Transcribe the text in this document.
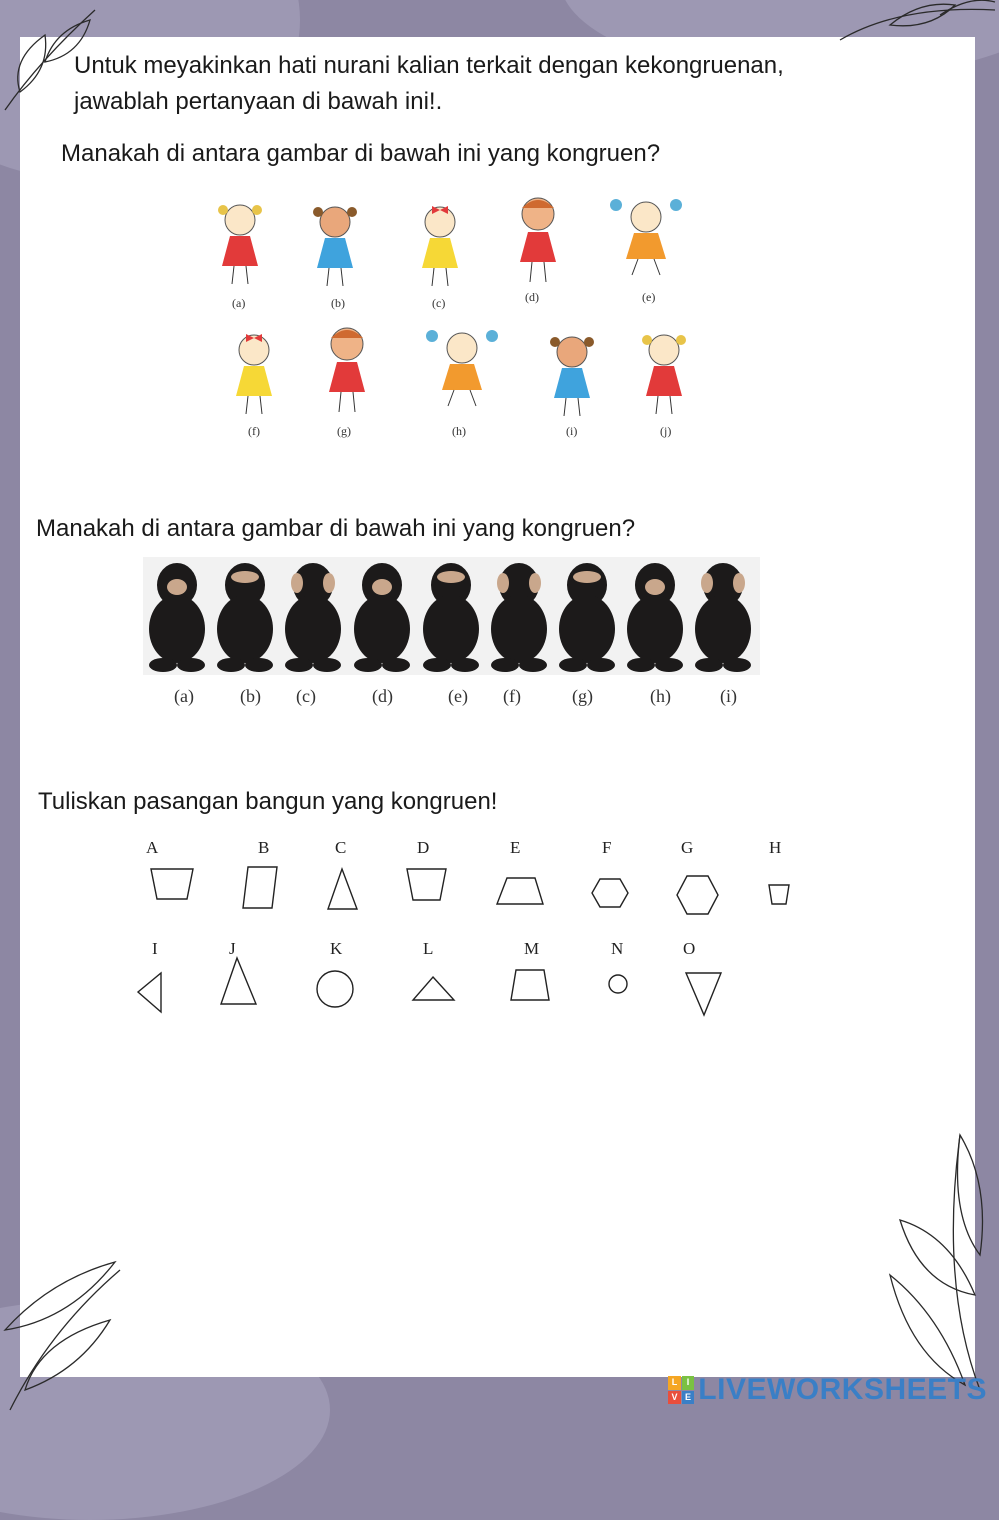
Untuk meyakinkan hati nurani kalian terkait dengan kekongruenan,
jawablah pertanyaan di bawah ini!.
Manakah di antara gambar di bawah ini yang kongruen?
(a)	(b)	(c)	(d)	(e)
(f)	(g)	(h)	(i)	(j)
Manakah di antara gambar di bawah ini yang kongruen?
(a)	(b) (c)	(d)	(e) (f)	(g)	(h)	(i)
Tuliskan pasangan bangun yang kongruen!
A	B	C	D	E	F	G	H
I	J	K	L	M	N	O
L	I
V E LIVEWORKSHEETS
